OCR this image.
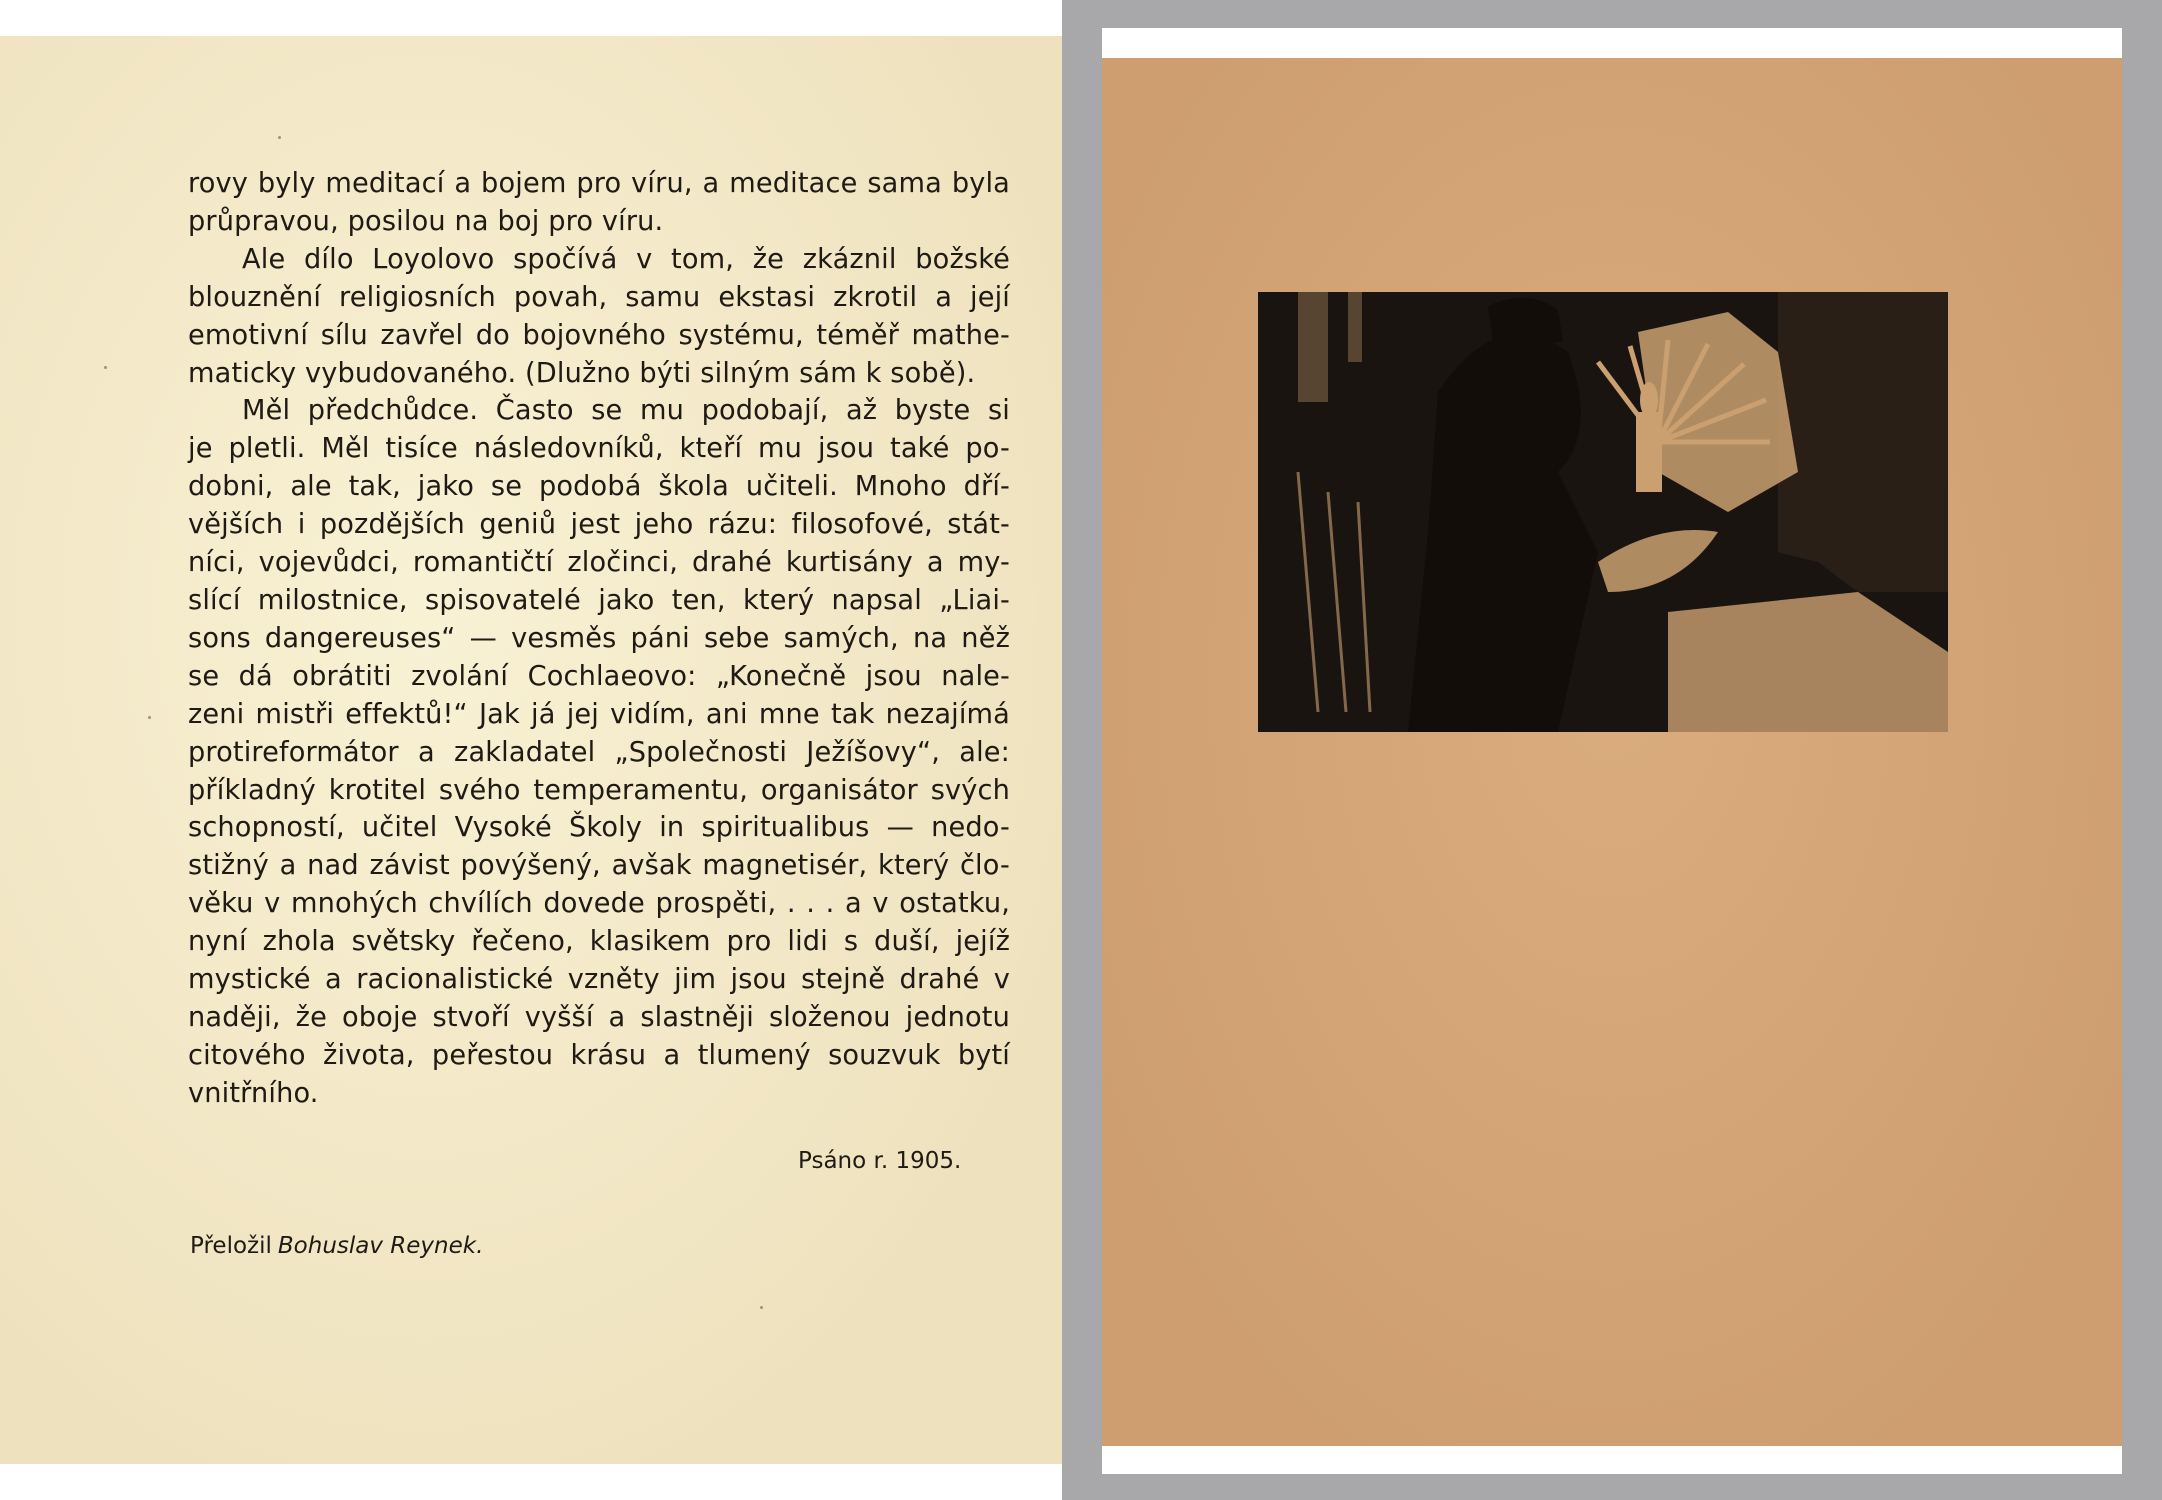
rovy byly meditací a bojem pro víru, a meditace sama byla

průpravou, posilou na boj pro víru.

Ale dílo Loyolovo spočívá v tom, že zkáznil božské

blouznění religiosních povah, samu ekstasi zkrotil a její

emotivní sílu zavřel do bojovného systému, téměř mathe-

maticky vybudovaného. (Dlužno býti silným sám k sobě).

Měl předchůdce. Často se mu podobají, až byste si

je pletli. Měl tisíce následovníků, kteří mu jsou také po-

dobni, ale tak, jako se podobá škola učiteli. Mnoho dří-

vějších i pozdějších geniů jest jeho rázu: filosofové, stát-

níci, vojevůdci, romantičtí zločinci, drahé kurtisány a my-

slící milostnice, spisovatelé jako ten, který napsal „Liai-

sons dangereuses“ — vesměs páni sebe samých, na něž

se dá obrátiti zvolání Cochlaeovo: „Konečně jsou nale-

zeni mistři effektů!“ Jak já jej vidím, ani mne tak nezajímá

protireformátor a zakladatel „Společnosti Ježíšovy“, ale:

příkladný krotitel svého temperamentu, organisátor svých

schopností, učitel Vysoké Školy in spiritualibus — nedo-

stižný a nad závist povýšený, avšak magnetisér, který člo-

věku v mnohých chvílích dovede prospěti, . . . a v ostatku,

nyní zhola světsky řečeno, klasikem pro lidi s duší, jejíž

mystické a racionalistické vzněty jim jsou stejně drahé v

naději, že oboje stvoří vyšší a slastněji složenou jednotu

citového života, peřestou krásu a tlumený souzvuk bytí

vnitřního.

Psáno r. 1905.
Přeložil Bohuslav Reynek.
